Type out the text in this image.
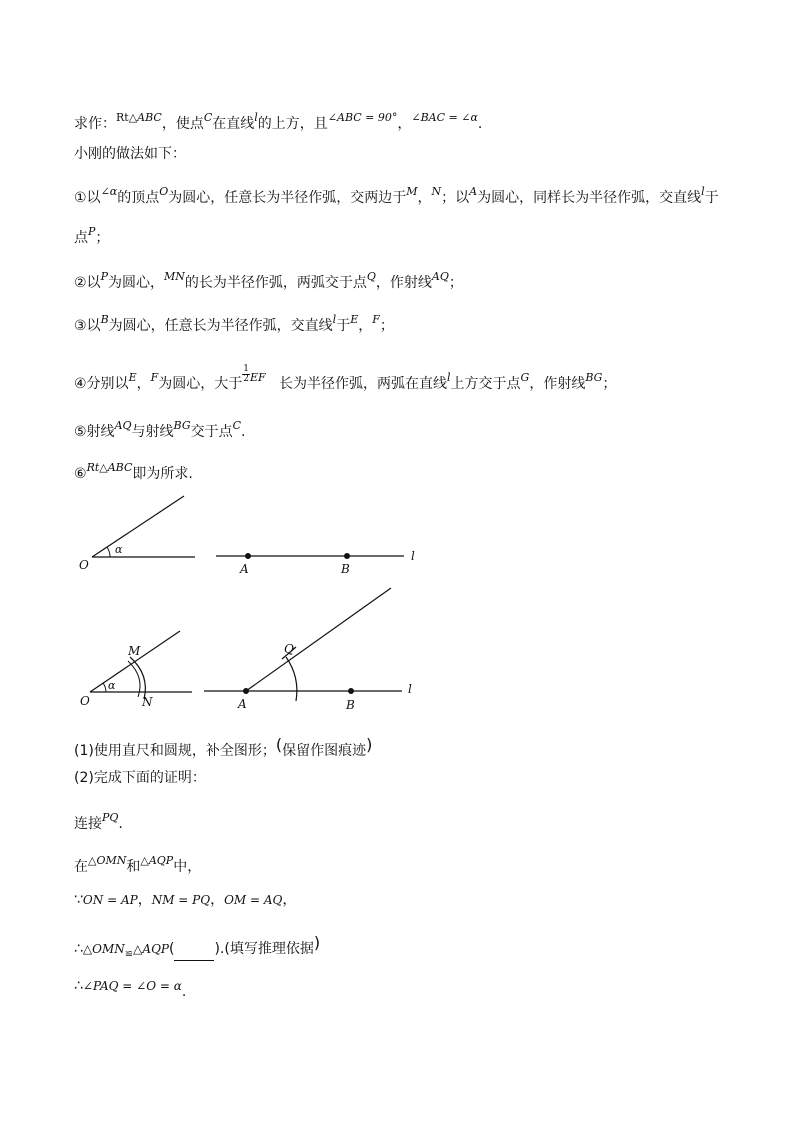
求作：$^{Rt\triangle ABC}$，使点$^C$在直线$^l$的上方，且$^{\angle ABC = 90^\circ}$，$^{\angle BAC = \angle\alpha}$.
小刚的做法如下：
①以$^{\angle\alpha}$的顶点$^O$为圆心，任意长为半径作弧，交两边于$^M$，$^N$；以$^A$为圆心，同样长为半径作弧，交直线$^l$于
点$^P$；
②以$^P$为圆心，$^{MN}$的长为半径作弧，两弧交于点$^Q$，作射线$^{AQ}$；
③以$^B$为圆心，任意长为半径作弧，交直线$^l$于$^E$，$^F$；
④分别以$^E$，$^F$为圆心，大于
$\frac{1}{2} ^{EF}$ 长为半径作弧，两弧在直线$^l$上方交于点$^G$，作射线$^{BG}$；
⑤射线$^{AQ}$与射线$^{BG}$交于点$^C$.
⑥$^{Rt\triangle ABC}$即为所求.
O
α
A	B
l
M
N
O
α
Q
A	B
l
(1)使用直尺和圆规，补全图形；(保留作图痕迹)
(2)完成下面的证明：
连接$^{PQ}$.
在$^{\triangle OMN}$和$^{\triangle AQP}$中，
∵ON = AP，NM = PQ，OM = AQ，
$\therefore\triangle OMN_≌\triangle AQP$(	).(填写推理依据)
∴∠PAQ = ∠O = α.
